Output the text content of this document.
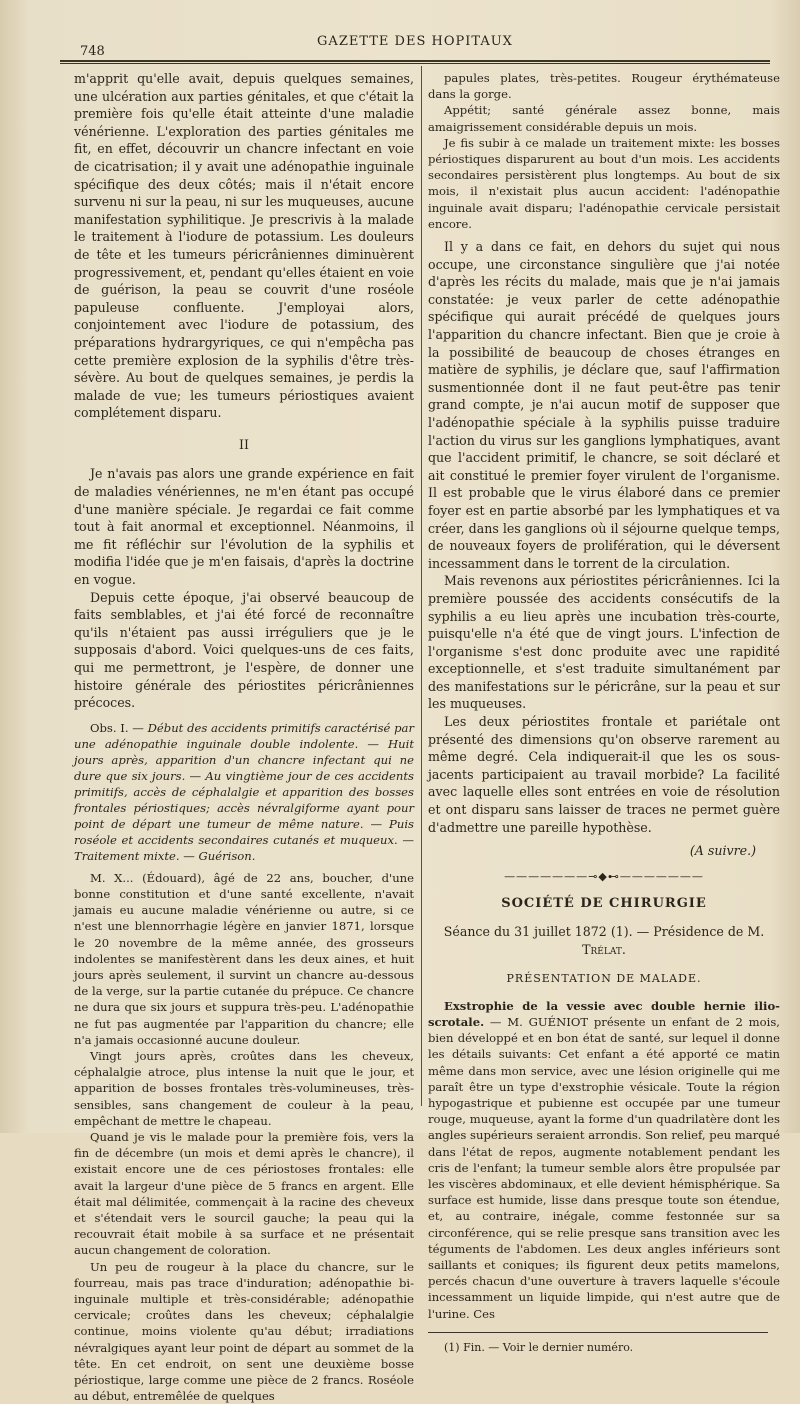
748
GAZETTE DES HOPITAUX

m'apprit qu'elle avait, depuis quelques semaines, une ulcération aux parties génitales, et que c'était la première fois qu'elle était atteinte d'une maladie vénérienne. L'exploration des parties génitales me fit, en effet, découvrir un chancre infectant en voie de cicatrisation; il y avait une adénopathie inguinale spécifique des deux côtés; mais il n'était encore survenu ni sur la peau, ni sur les muqueuses, aucune manifestation syphilitique. Je prescrivis à la malade le traitement à l'iodure de potassium. Les douleurs de tête et les tumeurs péricrâniennes diminuèrent progressivement, et, pendant qu'elles étaient en voie de guérison, la peau se couvrit d'une roséole papuleuse confluente. J'employai alors, conjointement avec l'iodure de potassium, des préparations hydrargyriques, ce qui n'empêcha pas cette première explosion de la syphilis d'être très-sévère. Au bout de quelques semaines, je perdis la malade de vue; les tumeurs périostiques avaient complétement disparu.

II

Je n'avais pas alors une grande expérience en fait de maladies vénériennes, ne m'en étant pas occupé d'une manière spéciale. Je regardai ce fait comme tout à fait anormal et exceptionnel. Néanmoins, il me fit réfléchir sur l'évolution de la syphilis et modifia l'idée que je m'en faisais, d'après la doctrine en vogue.

Depuis cette époque, j'ai observé beaucoup de faits semblables, et j'ai été forcé de reconnaître qu'ils n'étaient pas aussi irréguliers que je le supposais d'abord. Voici quelques-uns de ces faits, qui me permettront, je l'espère, de donner une histoire générale des périostites péricrâniennes précoces.

Obs. I. — Début des accidents primitifs caractérisé par une adénopathie inguinale double indolente. — Huit jours après, apparition d'un chancre infectant qui ne dure que six jours. — Au vingtième jour de ces accidents primitifs, accès de céphalalgie et apparition des bosses frontales périostiques; accès névralgiforme ayant pour point de départ une tumeur de même nature. — Puis roséole et accidents secondaires cutanés et muqueux. — Traitement mixte. — Guérison.

M. X... (Édouard), âgé de 22 ans, boucher, d'une bonne constitution et d'une santé excellente, n'avait jamais eu aucune maladie vénérienne ou autre, si ce n'est une blennorrhagie légère en janvier 1871, lorsque le 20 novembre de la même année, des grosseurs indolentes se manifestèrent dans les deux aines, et huit jours après seulement, il survint un chancre au-dessous de la verge, sur la partie cutanée du prépuce. Ce chancre ne dura que six jours et suppura très-peu. L'adénopathie ne fut pas augmentée par l'apparition du chancre; elle n'a jamais occasionné aucune douleur.

Vingt jours après, croûtes dans les cheveux, céphalalgie atroce, plus intense la nuit que le jour, et apparition de bosses frontales très-volumineuses, très-sensibles, sans changement de couleur à la peau, empêchant de mettre le chapeau.

Quand je vis le malade pour la première fois, vers la fin de décembre (un mois et demi après le chancre), il existait encore une de ces périostoses frontales: elle avait la largeur d'une pièce de 5 francs en argent. Elle était mal délimitée, commençait à la racine des cheveux et s'étendait vers le sourcil gauche; la peau qui la recouvrait était mobile à sa surface et ne présentait aucun changement de coloration.

Un peu de rougeur à la place du chancre, sur le fourreau, mais pas trace d'induration; adénopathie bi-inguinale multiple et très-considérable; adénopathie cervicale; croûtes dans les cheveux; céphalalgie continue, moins violente qu'au début; irradiations névralgiques ayant leur point de départ au sommet de la tête. En cet endroit, on sent une deuxième bosse périostique, large comme une pièce de 2 francs. Roséole au début, entremêlée de quelques

papules plates, très-petites. Rougeur érythémateuse dans la gorge.

Appétit; santé générale assez bonne, mais amaigrissement considérable depuis un mois.

Je fis subir à ce malade un traitement mixte: les bosses périostiques disparurent au bout d'un mois. Les accidents secondaires persistèrent plus longtemps. Au bout de six mois, il n'existait plus aucun accident: l'adénopathie inguinale avait disparu; l'adénopathie cervicale persistait encore.

Il y a dans ce fait, en dehors du sujet qui nous occupe, une circonstance singulière que j'ai notée d'après les récits du malade, mais que je n'ai jamais constatée: je veux parler de cette adénopathie spécifique qui aurait précédé de quelques jours l'apparition du chancre infectant. Bien que je croie à la possibilité de beaucoup de choses étranges en matière de syphilis, je déclare que, sauf l'affirmation susmentionnée dont il ne faut peut-être pas tenir grand compte, je n'ai aucun motif de supposer que l'adénopathie spéciale à la syphilis puisse traduire l'action du virus sur les ganglions lymphatiques, avant que l'accident primitif, le chancre, se soit déclaré et ait constitué le premier foyer virulent de l'organisme. Il est probable que le virus élaboré dans ce premier foyer est en partie absorbé par les lymphatiques et va créer, dans les ganglions où il séjourne quelque temps, de nouveaux foyers de prolifération, qui le déversent incessamment dans le torrent de la circulation.

Mais revenons aux périostites péricrâniennes. Ici la première poussée des accidents consécutifs de la syphilis a eu lieu après une incubation très-courte, puisqu'elle n'a été que de vingt jours. L'infection de l'organisme s'est donc produite avec une rapidité exceptionnelle, et s'est traduite simultanément par des manifestations sur le péricrâne, sur la peau et sur les muqueuses.

Les deux périostites frontale et pariétale ont présenté des dimensions qu'on observe rarement au même degré. Cela indiquerait-il que les os sous-jacents participaient au travail morbide? La facilité avec laquelle elles sont entrées en voie de résolution et ont disparu sans laisser de traces ne permet guère d'admettre une pareille hypothèse.

(A suivre.)

———————⊸◆⊷———————

SOCIÉTÉ DE CHIRURGIE

Séance du 31 juillet 1872 (1). — Présidence de M. Trélat.

PRÉSENTATION DE MALADE.

Exstrophie de la vessie avec double hernie ilio-scrotale. — M. GUÉNIOT présente un enfant de 2 mois, bien développé et en bon état de santé, sur lequel il donne les détails suivants: Cet enfant a été apporté ce matin même dans mon service, avec une lésion originelle qui me paraît être un type d'exstrophie vésicale. Toute la région hypogastrique et pubienne est occupée par une tumeur rouge, muqueuse, ayant la forme d'un quadrilatère dont les angles supérieurs seraient arrondis. Son relief, peu marqué dans l'état de repos, augmente notablement pendant les cris de l'enfant; la tumeur semble alors être propulsée par les viscères abdominaux, et elle devient hémisphérique. Sa surface est humide, lisse dans presque toute son étendue, et, au contraire, inégale, comme festonnée sur sa circonférence, qui se relie presque sans transition avec les téguments de l'abdomen. Les deux angles inférieurs sont saillants et coniques; ils figurent deux petits mamelons, percés chacun d'une ouverture à travers laquelle s'écoule incessamment un liquide limpide, qui n'est autre que de l'urine. Ces

(1) Fin. — Voir le dernier numéro.
